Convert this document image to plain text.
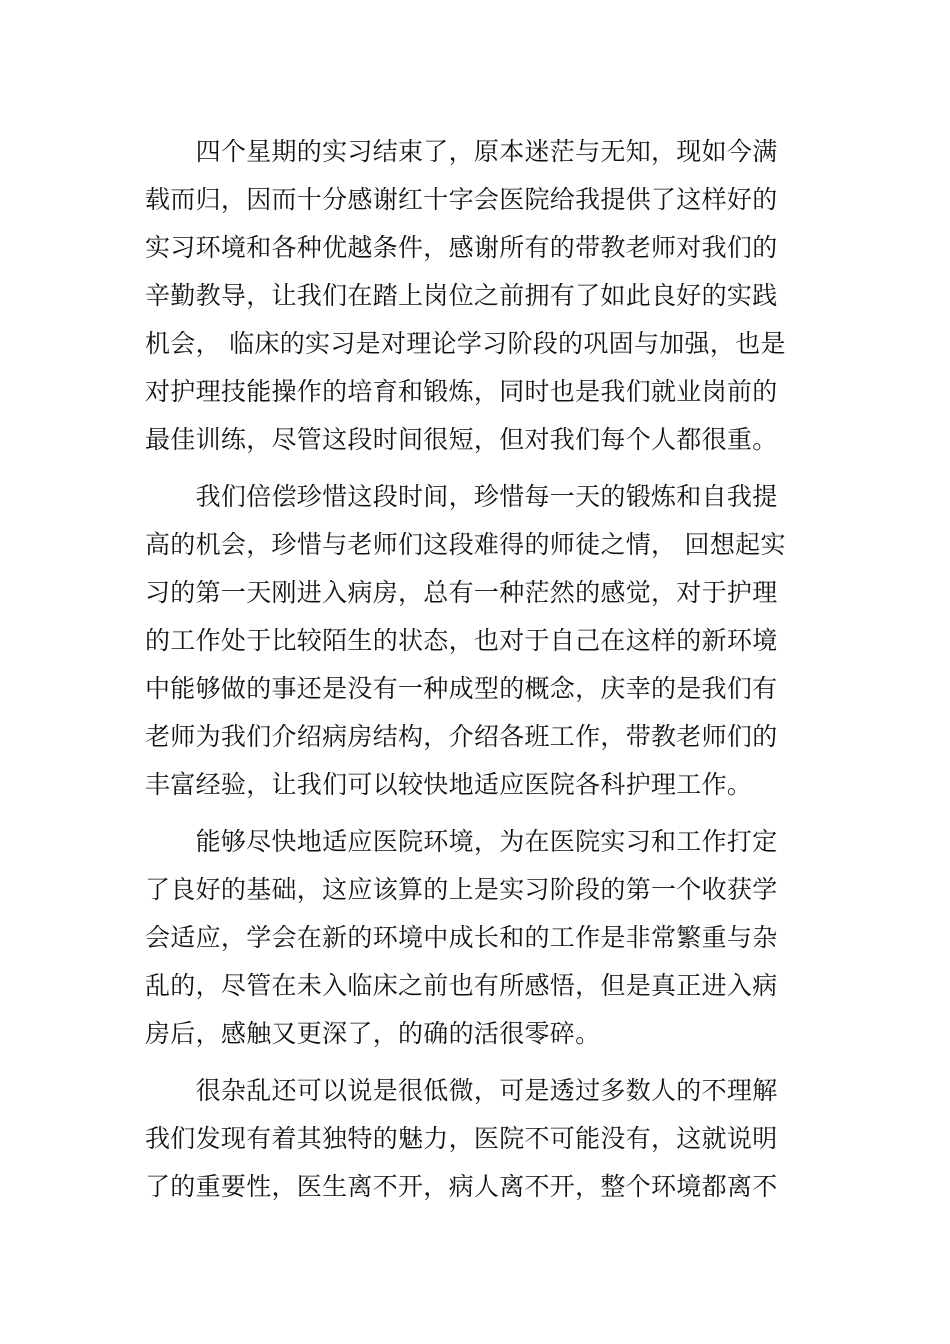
　　四个星期的实习结束了，原本迷茫与无知，现如今满
载而归，因而十分感谢红十字会医院给我提供了这样好的
实习环境和各种优越条件，感谢所有的带教老师对我们的
辛勤教导，让我们在踏上岗位之前拥有了如此良好的实践
机会， 临床的实习是对理论学习阶段的巩固与加强，也是
对护理技能操作的培育和锻炼，同时也是我们就业岗前的
最佳训练，尽管这段时间很短，但对我们每个人都很重。
　　我们倍偿珍惜这段时间，珍惜每一天的锻炼和自我提
高的机会，珍惜与老师们这段难得的师徒之情， 回想起实
习的第一天刚进入病房，总有一种茫然的感觉，对于护理
的工作处于比较陌生的状态，也对于自己在这样的新环境
中能够做的事还是没有一种成型的概念，庆幸的是我们有
老师为我们介绍病房结构，介绍各班工作，带教老师们的
丰富经验，让我们可以较快地适应医院各科护理工作。
　　能够尽快地适应医院环境，为在医院实习和工作打定
了良好的基础，这应该算的上是实习阶段的第一个收获学
会适应，学会在新的环境中成长和的工作是非常繁重与杂
乱的，尽管在未入临床之前也有所感悟，但是真正进入病
房后，感触又更深了，的确的活很零碎。
　　很杂乱还可以说是很低微，可是透过多数人的不理解
我们发现有着其独特的魅力，医院不可能没有，这就说明
了的重要性，医生离不开，病人离不开，整个环境都离不
